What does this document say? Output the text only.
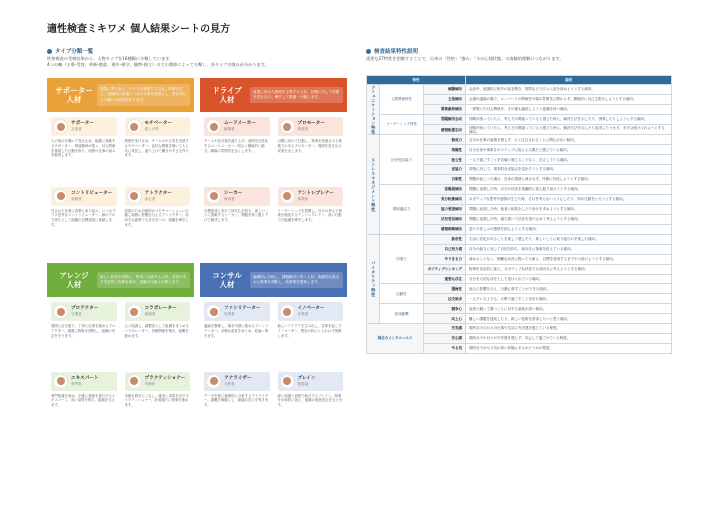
適性検査ミキワメ 個人結果シートの見方
タイプ分類一覧
性格検査の受検結果から、人物タイプを16種類に分類しています。
4つの軸（主導-受容、革新-慎重、進歩-保守、観察-独立）の大小関係によって分類し、各タイプの強みが分かります。
検査結果特性説明
重要な27特性を把握することで、自身の「性格」「強み」「今の心理状態」の客観的理解につながります。
サポーター
人材
感情に寄り添い、プラスを発揮する人材。仲間を支え、組織的に成果につなげる事を得意とし、皆が安心して働ける環境を作ります。
サポーター
支援者
人の悩みを聞いて受け止め、組織に貢献するサポーター。利他精神が強く、対人関係を重視した行動を取り、周囲の仕事の悩みを解消します。
モチベーター
盛上げ役
感情を受け止め、チームのやる気を支援するモチベーター。良好な関係を築いて人と共に成長し、盛り上げて働きやすさを作ります。
コントリビューター
貢献者
任された仕事に真摯に取り組み、いつもプラス思考なコントリビューター。縁の下の力持ちとして組織の目標達成に貢献します。
アトラクター
求心者
成果のため自律的かつモチベーションに行動し周囲に影響を与えるアトラクター。前向きな姿勢で人を引きつけ、組織を牽引します。
ドライブ
人材
成果に向けた周囲を主導する人材。目標に対して仲間を巻き込み、牽引して推進・行動します。
ムードメーカー
創場者
チームや存在場を盛り上げ、周囲を活性化するムードメーカー。明るく積極的に動き、職場の雰囲気を良くします。
プロモーター
推進者
目標に向けて行動し、物事を前進させる推進力のあるプロモーター。周囲を巻き込み成果を出します。
シーカー
探求者
目標達成に向けて探究心を持ち、新しいことに挑戦するシーカー。問題を深く掘り下げて解決します。
アントレプレナー
事業家
リーダーシップを発揮し、自分の考えで事業を創造するアントレプレナー。高い行動力で組織を牽引します。
アレンジ
人材
新しい状況を判断し、堅実に計画する人材。変化の中で安定的に物事を進め、組織の仕組みを整えます。
プロテクター
守護者
周囲に目を配り、丁寧に仕事を進めるプロテクター。慎重に物事を判断し、組織の安定を守ります。
コラボレーター
協調者
人と協調し、調整役として組織をまとめるコラボレーター。信頼関係を築き、協働を進めます。
エキスパート
専門家
専門知識を深め、正確に業務を遂行するエキスパート。高い品質を保ち、組織を支えます。
プラクティショナー
実務家
実務を着実にこなし、確実に成果を出すプラクティショナー。計画通りに物事を進めます。
コンサル
人材
論理的に分析し、課題解決に導く人材。客観的な視点から物事を判断し、改善策を提案します。
ファシリテーター
先導者
議論を整理し、場を円滑に進めるファシリテーター。多様な意見をまとめ、結論へ導きます。
イノベーター
変革者
新しいアイデアを生み出し、変革を起こすイノベーター。既存の枠にとらわれず挑戦します。
アナライザー
分析者
データを基に論理的に分析するアナライザー。課題を明確にし、最適な答えを導きます。
ブレイン
知恵袋
深い知識と洞察で助言するブレイン。物事を多角的に捉え、組織の意思決定を支えます。
特性			説明

コミュニケーション特性	人間関係特性	傾聴傾向	会話中、意識的に相手の話を聞き、質問などで次々に話を深めようとする傾向。
		主張傾向	会議や議論の場で、メンバーとの関係性や場の雰囲気に関わらず、積極的に自己主張をしようとする傾向。
		関係維持傾向	一度築いた対人関係を、その後も継続しようと意識を持つ傾向。
	リーダーシップ特性	問題解決志向	仲間が困っていたら、考え方が間違っていると感じた時に、解決方法を示したり、誘導したりしようとする傾向。
		感情配慮志向	仲間が困っていたら、考え方が間違っていると感じた時に、解決方法を示したり説得したりせず、まずは受け入れようとする傾向。

ストレスマネジメント特性	状況受容能力	無気力	自分の仕事の意義を感じず、人と注目されることに関心がない傾向。
		楽観性	自分自身や事象をポジティブに捉える人間だと感じている傾向。
		独立性	一人で過ごすことを苦痛と感じることなく、自立している傾向。
		妥協力	即刻に対して、現実的な妥協点を見出そうとする傾向。
		自制性	問題が起こった場合、自身の感情に流されず、冷静に対処しようとする傾向。
	環境適応力	客観視傾向	問題に直面した時、自分の状況を客観的に捉え振り返ろうとする傾向。
		気分転換傾向	ネガティブな思考や感情が生じた時、それを考えないようにしたり、別の行動をとろうとする傾向。
		協力要請傾向	問題に直面した時、他者に相談をしたり助けを求めようとする傾向。
		状況受容傾向	問題に直面した時、落ち着いて状況を受け止めて考えようとする傾向。
		感情制御傾向	怒りや悲しみの感情を抑えようとする傾向。

バイタリティ特性	回復力	新奇性	生活に変化があることを楽しく感じたり、新しいことに取り組むのを楽しむ傾向。
		自己効力感	自分の能力に対して自信を持ち、前向きに物事を捉えている傾向。
		やりきる力	諦めることなく、困難な状況に陥っても耐え、目標を達成するまでやり続けようとする傾向。
		ポジティブシンキング	物事を肯定的に捉え、ネガティブな状況でも前向きに考えようとする傾向。
		重要な存在	自分を大切な存在として受け入れている傾向。
	活動性	積極性	他人に影響を与え、行動に移すことができる傾向。
		社交欲求	一人でいるよりも、大勢で過ごすことを好む傾向。
	達成動機	競争心	他者と競って勝つことに対する意欲が高い傾向。
		向上心	難しい課題を達成したり、新しい技術を習得したいと思う傾向。

現在のメンタルヘルス		充実感	現時点での日々の仕事や生活に充実感を感じている程度。
		安心感	現時点での日々の不安感を感じず、安心して過ごせている程度。
		やる気	現時点でのやる気が高い状態にあるかどうかの程度。
